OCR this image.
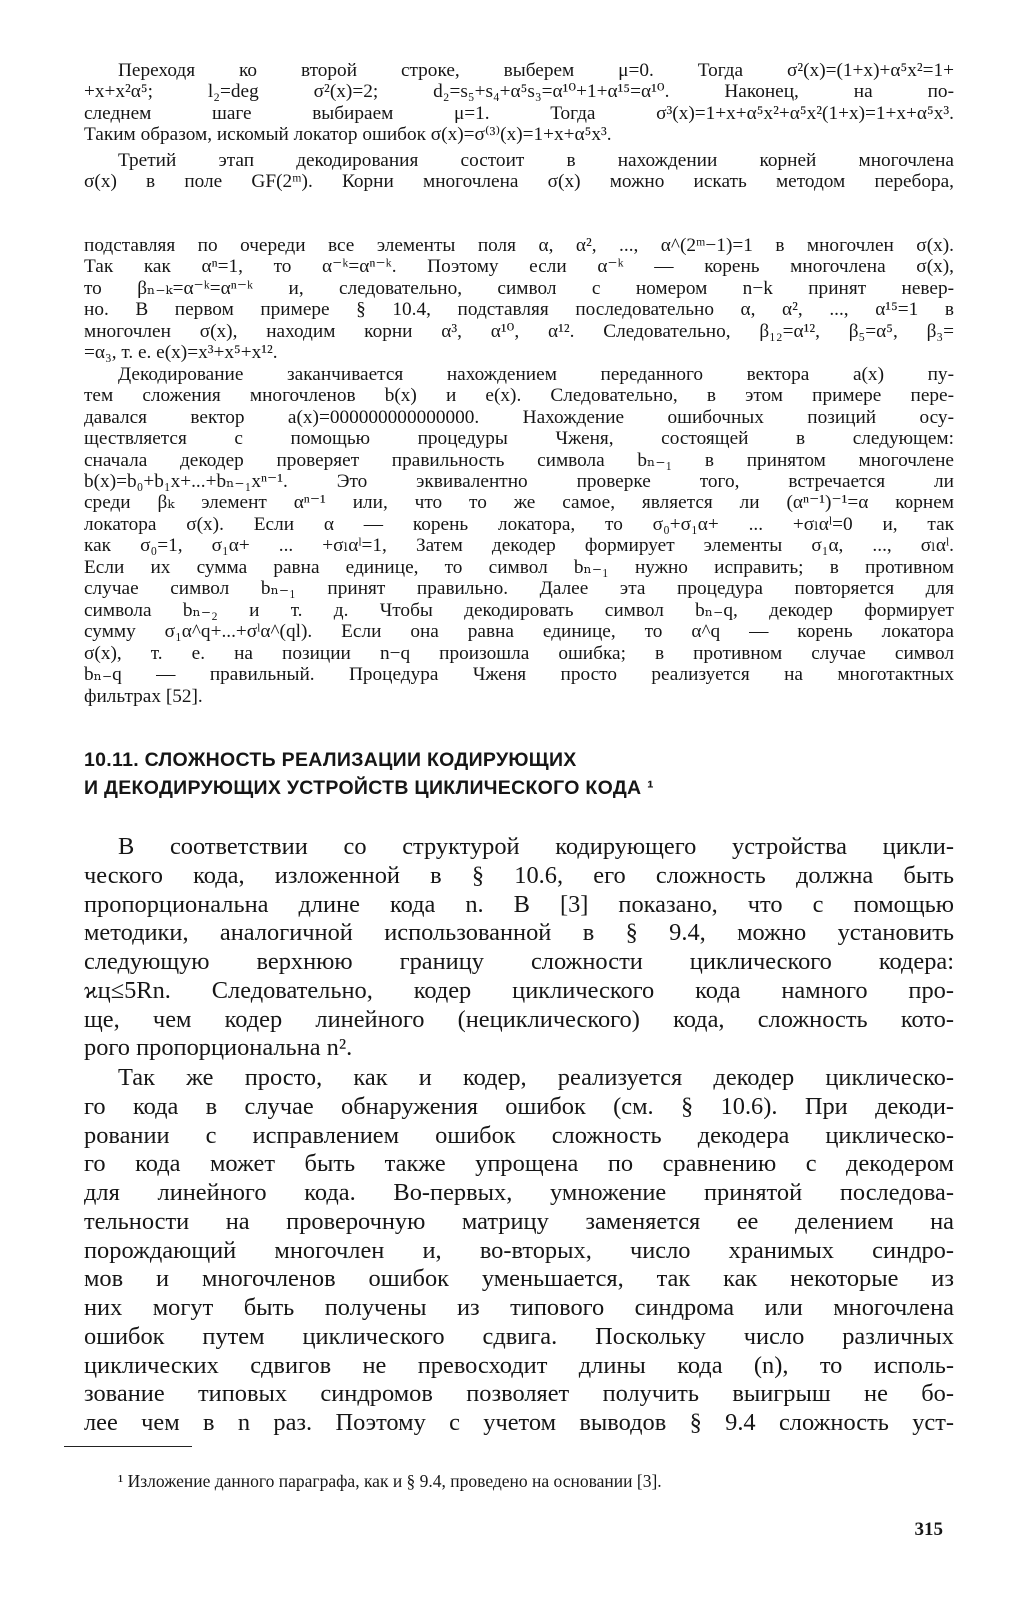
Переходя ко второй строке, выберем μ=0. Тогда σ²(x)=(1+x)+α⁵x²=1+
+x+x²α⁵; l₂=deg σ²(x)=2; d₂=s₅+s₄+α⁵s₃=α¹⁰+1+α¹⁵=α¹⁰. Наконец, на по-
следнем шаге выбираем μ=1. Тогда σ³(x)=1+x+α⁵x²+α⁵x²(1+x)=1+x+α⁵x³.
Таким образом, искомый локатор ошибок σ(x)=σ⁽³⁾(x)=1+x+α⁵x³.
Третий этап декодирования состоит в нахождении корней многочлена
σ(x) в поле GF(2ᵐ). Корни многочлена σ(x) можно искать методом перебора,
подставляя по очереди все элементы поля α, α², ..., α^(2ᵐ−1)=1 в многочлен σ(x).
Так как αⁿ=1, то α⁻ᵏ=αⁿ⁻ᵏ. Поэтому если α⁻ᵏ — корень многочлена σ(x),
то βₙ₋ₖ=α⁻ᵏ=αⁿ⁻ᵏ и, следовательно, символ с номером n−k принят невер-
но. В первом примере § 10.4, подставляя последовательно α, α², ..., α¹⁵=1 в
многочлен σ(x), находим корни α³, α¹⁰, α¹². Следовательно, β₁₂=α¹², β₅=α⁵, β₃=
=α₃, т. е. e(x)=x³+x⁵+x¹².
Декодирование заканчивается нахождением переданного вектора a(x) пу-
тем сложения многочленов b(x) и e(x). Следовательно, в этом примере пере-
давался вектор a(x)=000000000000000. Нахождение ошибочных позиций осу-
ществляется с помощью процедуры Чженя, состоящей в следующем:
сначала декодер проверяет правильность символа bₙ₋₁ в принятом многочлене
b(x)=b₀+b₁x+...+bₙ₋₁xⁿ⁻¹. Это эквивалентно проверке того, встречается ли
среди βₖ элемент αⁿ⁻¹ или, что то же самое, является ли (αⁿ⁻¹)⁻¹=α корнем
локатора σ(x). Если α — корень локатора, то σ₀+σ₁α+ ... +σₗαˡ=0 и, так
как σ₀=1, σ₁α+ ... +σₗαˡ=1, Затем декодер формирует элементы σ₁α, ..., σₗαˡ.
Если их сумма равна единице, то символ bₙ₋₁ нужно исправить; в противном
случае символ bₙ₋₁ принят правильно. Далее эта процедура повторяется для
символа bₙ₋₂ и т. д. Чтобы декодировать символ bₙ₋q, декодер формирует
сумму σ₁α^q+...+σˡα^(ql). Если она равна единице, то α^q — корень локатора
σ(x), т. е. на позиции n−q произошла ошибка; в противном случае символ
bₙ₋q — правильный. Процедура Чженя просто реализуется на многотактных
фильтрах [52].
10.11. СЛОЖНОСТЬ РЕАЛИЗАЦИИ КОДИРУЮЩИХ
И ДЕКОДИРУЮЩИХ УСТРОЙСТВ ЦИКЛИЧЕСКОГО КОДА ¹
В соответствии со структурой кодирующего устройства цикли-
ческого кода, изложенной в § 10.6, его сложность должна быть
пропорциональна длине кода n. В [3] показано, что с помощью
методики, аналогичной использованной в § 9.4, можно установить
следующую верхнюю границу сложности циклического кодера:
ϰц≤5Rn. Следовательно, кодер циклического кода намного про-
ще, чем кодер линейного (нециклического) кода, сложность кото-
рого пропорциональна n².
Так же просто, как и кодер, реализуется декодер циклическо-
го кода в случае обнаружения ошибок (см. § 10.6). При декоди-
ровании с исправлением ошибок сложность декодера циклическо-
го кода может быть также упрощена по сравнению с декодером
для линейного кода. Во-первых, умножение принятой последова-
тельности на проверочную матрицу заменяется ее делением на
порождающий многочлен и, во-вторых, число хранимых синдро-
мов и многочленов ошибок уменьшается, так как некоторые из
них могут быть получены из типового синдрома или многочлена
ошибок путем циклического сдвига. Поскольку число различных
циклических сдвигов не превосходит длины кода (n), то исполь-
зование типовых синдромов позволяет получить выигрыш не бо-
лее чем в n раз. Поэтому с учетом выводов § 9.4 сложность уст-
¹ Изложение данного параграфа, как и § 9.4, проведено на основании [3].
315
